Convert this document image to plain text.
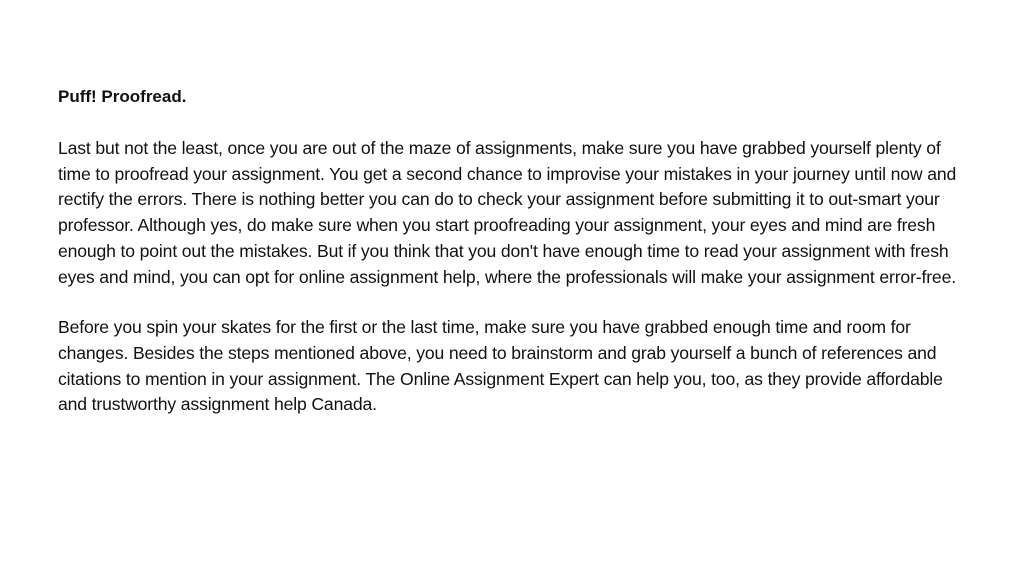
Puff! Proofread.

Last but not the least, once you are out of the maze of assignments, make sure you have grabbed yourself plenty of time to proofread your assignment. You get a second chance to improvise your mistakes in your journey until now and rectify the errors. There is nothing better you can do to check your assignment before submitting it to out-smart your professor. Although yes, do make sure when you start proofreading your assignment, your eyes and mind are fresh enough to point out the mistakes. But if you think that you don't have enough time to read your assignment with fresh eyes and mind, you can opt for online assignment help, where the professionals will make your assignment error-free.

Before you spin your skates for the first or the last time, make sure you have grabbed enough time and room for changes. Besides the steps mentioned above, you need to brainstorm and grab yourself a bunch of references and citations to mention in your assignment. The Online Assignment Expert can help you, too, as they provide affordable and trustworthy assignment help Canada.
